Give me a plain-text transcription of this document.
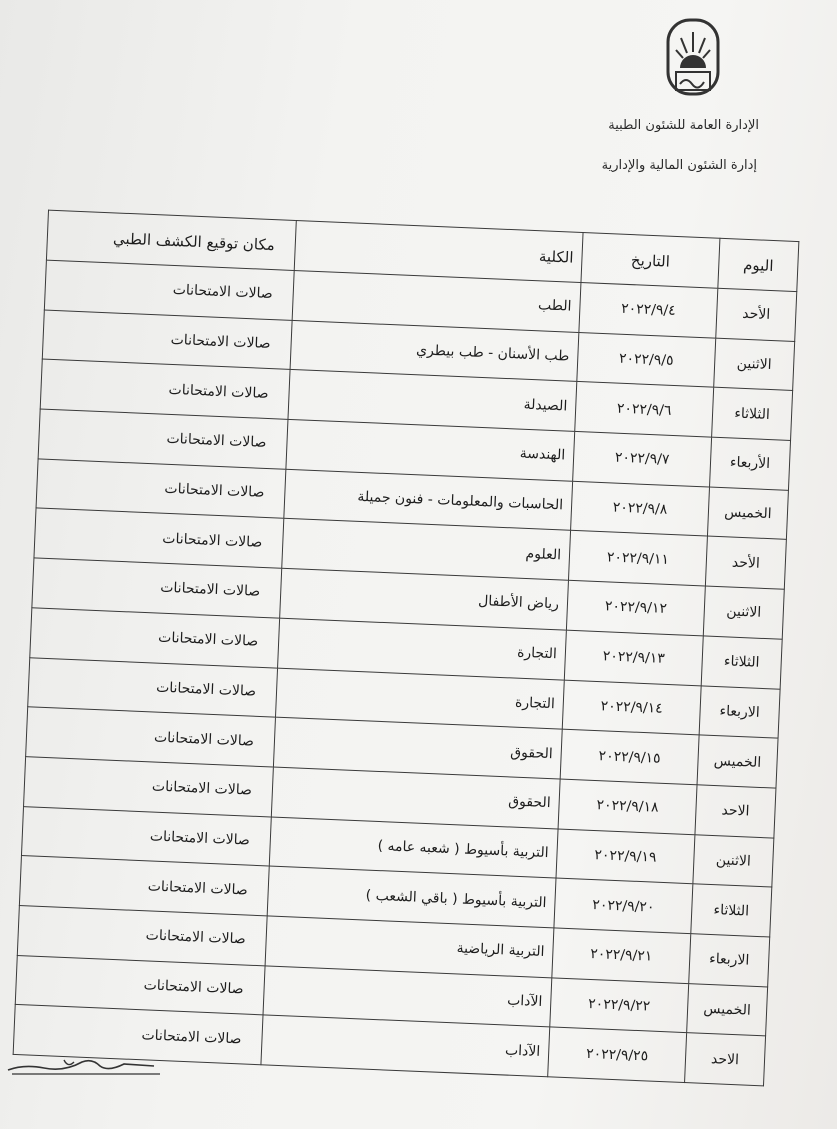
الإدارة العامة للشئون الطبية
إدارة الشئون المالية والإدارية
اليوم	التاريخ	الكلية	مكان توقيع الكشف الطبي
الأحد	٢٠٢٢/٩/٤	الطب	صالات الامتحانات
الاثنين	٢٠٢٢/٩/٥	طب الأسنان - طب بيطري	صالات الامتحانات
الثلاثاء	٢٠٢٢/٩/٦	الصيدلة	صالات الامتحانات
الأربعاء	٢٠٢٢/٩/٧	الهندسة	صالات الامتحانات
الخميس	٢٠٢٢/٩/٨	الحاسبات والمعلومات - فنون جميلة	صالات الامتحانات
الأحد	٢٠٢٢/٩/١١	العلوم	صالات الامتحانات
الاثنين	٢٠٢٢/٩/١٢	رياض الأطفال	صالات الامتحانات
الثلاثاء	٢٠٢٢/٩/١٣	التجارة	صالات الامتحانات
الاربعاء	٢٠٢٢/٩/١٤	التجارة	صالات الامتحانات
الخميس	٢٠٢٢/٩/١٥	الحقوق	صالات الامتحانات
الاحد	٢٠٢٢/٩/١٨	الحقوق	صالات الامتحانات
الاثنين	٢٠٢٢/٩/١٩	التربية بأسيوط ( شعبه عامه )	صالات الامتحانات
الثلاثاء	٢٠٢٢/٩/٢٠	التربية بأسيوط ( باقي الشعب )	صالات الامتحانات
الاربعاء	٢٠٢٢/٩/٢١	التربية الرياضية	صالات الامتحانات
الخميس	٢٠٢٢/٩/٢٢	الآداب	صالات الامتحانات
الاحد	٢٠٢٢/٩/٢٥	الآداب	صالات الامتحانات
